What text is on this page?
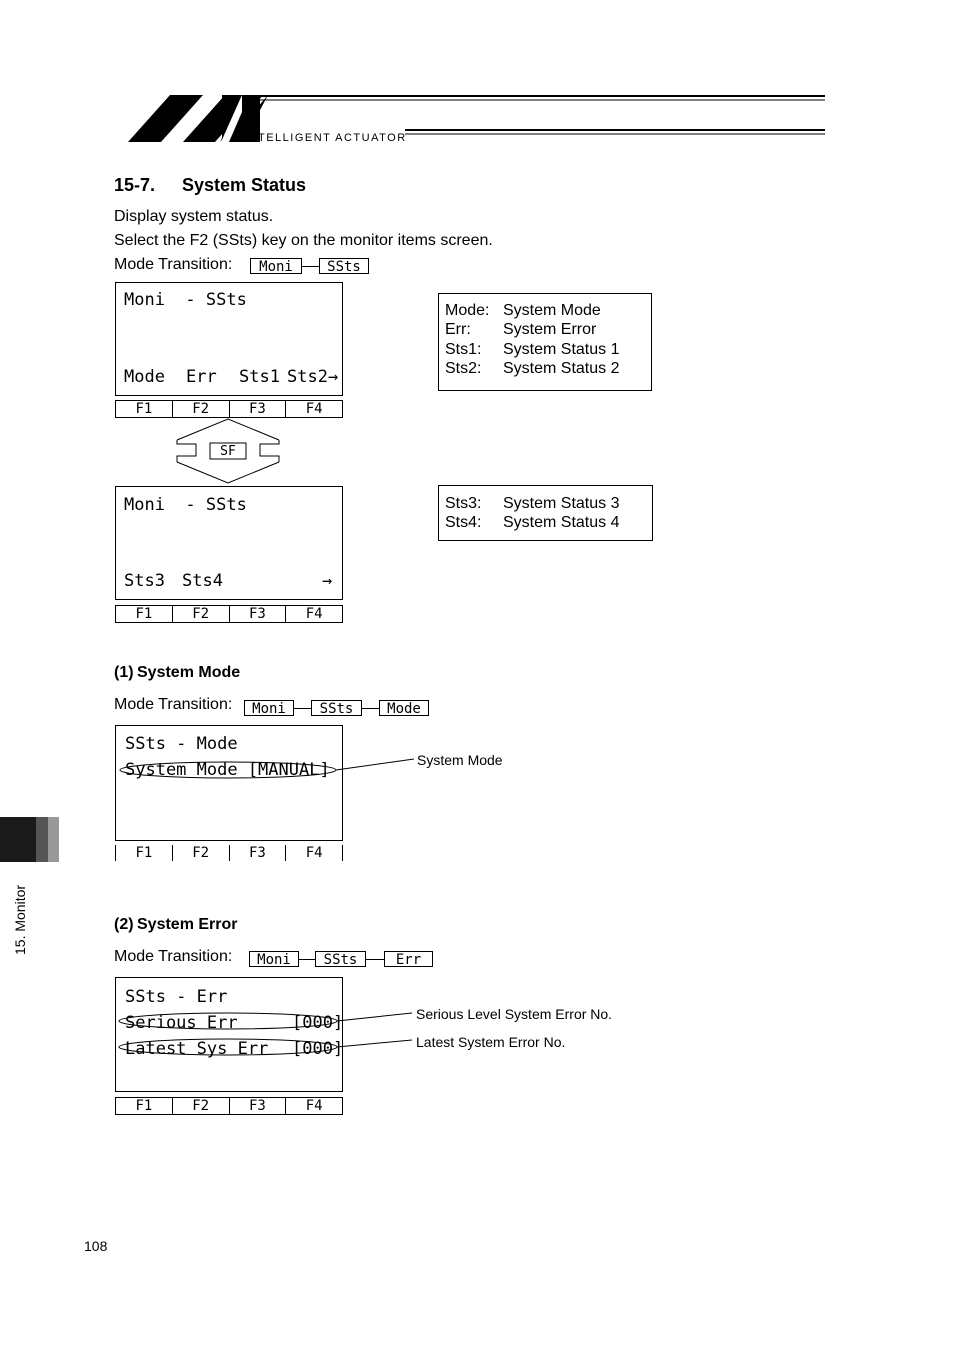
INTELLIGENT ACTUATOR
15-7. System Status
Display system status.
Select the F2 (SSts) key on the monitor items screen.
Mode Transition:	Moni	SSts
Moni  - SSts
Mode Err Sts1 Sts2→
F1	F2	F3	F4
SF
Moni  - SSts
Sts3 Sts4	→
F1	F2	F3	F4
Mode: System Mode
Err: System Error
Sts1: System Status 1
Sts2: System Status 2
Sts3: System Status 3
Sts4: System Status 4
(1) System Mode
Mode Transition:	Moni	SSts	Mode
SSts - Mode
System Mode [MANUAL]
F1	F2	F3	F4
System Mode
(2) System Error
Mode Transition:	Moni	SSts	Err
SSts - Err
Serious Err	[000]
Latest Sys Err [000]
F1	F2	F3	F4
Serious Level System Error No.
Latest System Error No.
15. Monitor
108
